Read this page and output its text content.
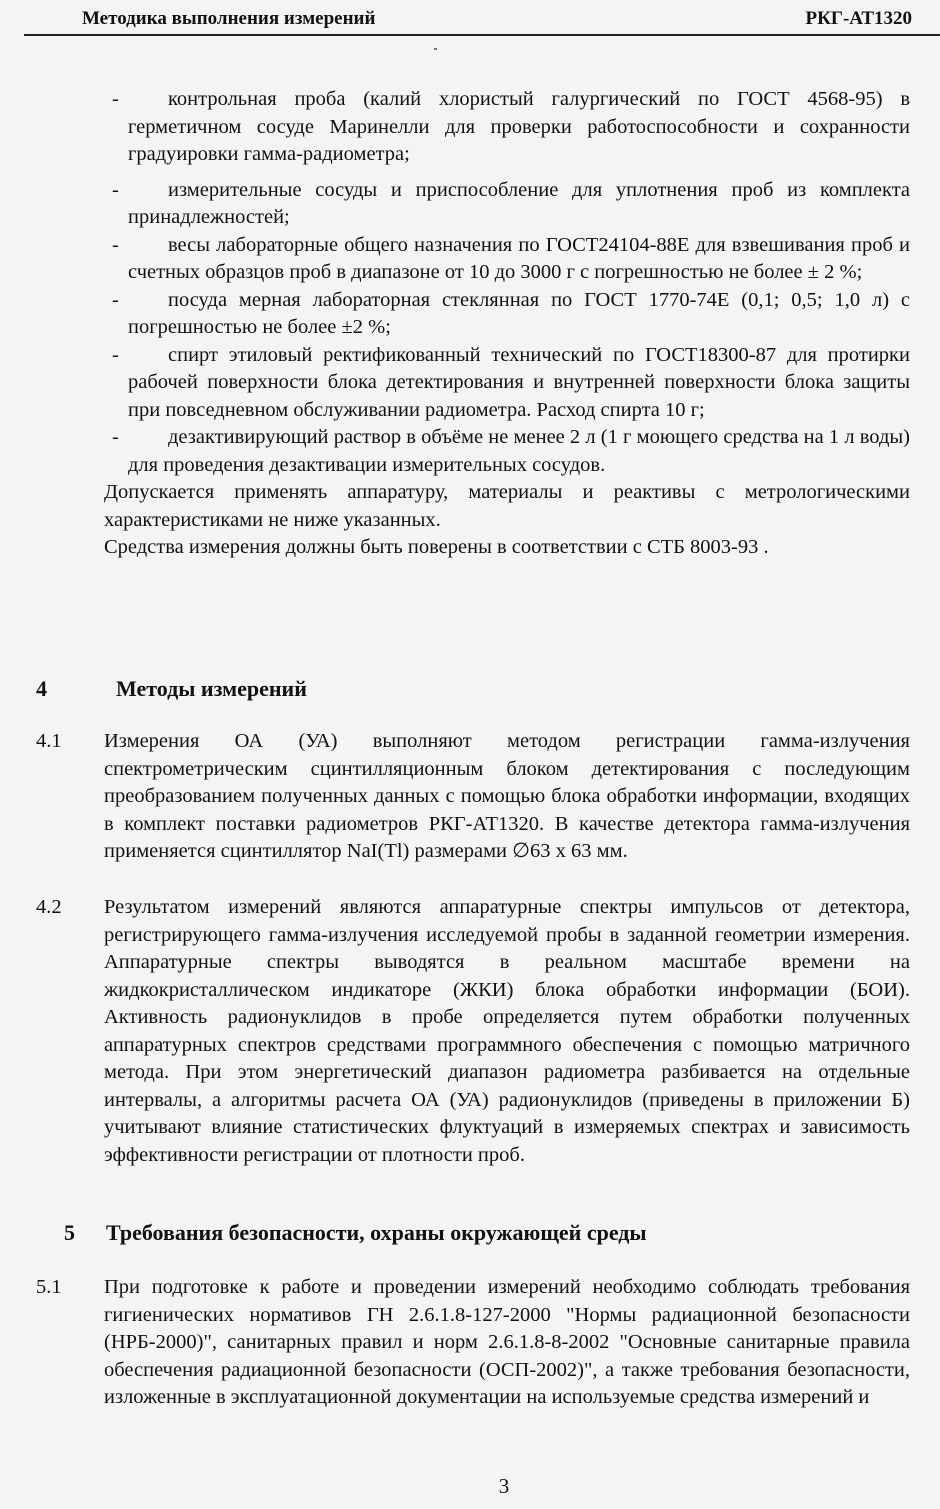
Методика выполнения измерений	РКГ-АТ1320
-	контрольная проба (калий хлористый галургический по ГОСТ 4568-95) в герметичном сосуде Маринелли для проверки работоспособности и сохранности градуировки гамма-радиометра;
-	измерительные сосуды и приспособление для уплотнения проб из комплекта принадлежностей;
-	весы лабораторные общего назначения по ГОСТ24104-88Е для взвешивания проб и счетных образцов проб в диапазоне от 10 до 3000 г с погрешностью не более ± 2 %;
-	посуда мерная лабораторная стеклянная по ГОСТ 1770-74Е (0,1; 0,5; 1,0 л) с погрешностью не более ±2 %;
-	спирт этиловый ректификованный технический по ГОСТ18300-87 для протирки рабочей поверхности блока детектирования и внутренней поверхности блока защиты при повседневном обслуживании радиометра. Расход спирта 10 г;
-	дезактивирующий раствор в объёме не менее 2 л (1 г моющего средства на 1 л воды) для проведения дезактивации измерительных сосудов.
Допускается применять аппаратуру, материалы и реактивы с метрологическими характеристиками не ниже указанных.
Средства измерения должны быть поверены в соответствии с СТБ 8003-93 .
4	Методы измерений
4.1 Измерения ОА (УА) выполняют методом регистрации гамма-излучения спектрометрическим сцинтилляционным блоком детектирования с последующим преобразованием полученных данных с помощью блока обработки информации, входящих в комплект поставки радиометров РКГ-АТ1320. В качестве детектора гамма-излучения применяется сцинтиллятор NaI(Tl) размерами ∅63 х 63 мм.
4.2 Результатом измерений являются аппаратурные спектры импульсов от детектора, регистрирующего гамма-излучения исследуемой пробы в заданной геометрии измерения. Аппаратурные спектры выводятся в реальном масштабе времени на жидкокристаллическом индикаторе (ЖКИ) блока обработки информации (БОИ). Активность радионуклидов в пробе определяется путем обработки полученных аппаратурных спектров средствами программного обеспечения с помощью матричного метода. При этом энергетический диапазон радиометра разбивается на отдельные интервалы, а алгоритмы расчета ОА (УА) радионуклидов (приведены в приложении Б) учитывают влияние статистических флуктуаций в измеряемых спектрах и зависимость эффективности регистрации от плотности проб.
5 Требования безопасности, охраны окружающей среды
5.1 При подготовке к работе и проведении измерений необходимо соблюдать требования гигиенических нормативов ГН 2.6.1.8-127-2000 "Нормы радиационной безопасности (НРБ-2000)", санитарных правил и норм 2.6.1.8-8-2002 "Основные санитарные правила обеспечения радиационной безопасности (ОСП-2002)", а также требования безопасности, изложенные в эксплуатационной документации на используемые средства измерений и
3
